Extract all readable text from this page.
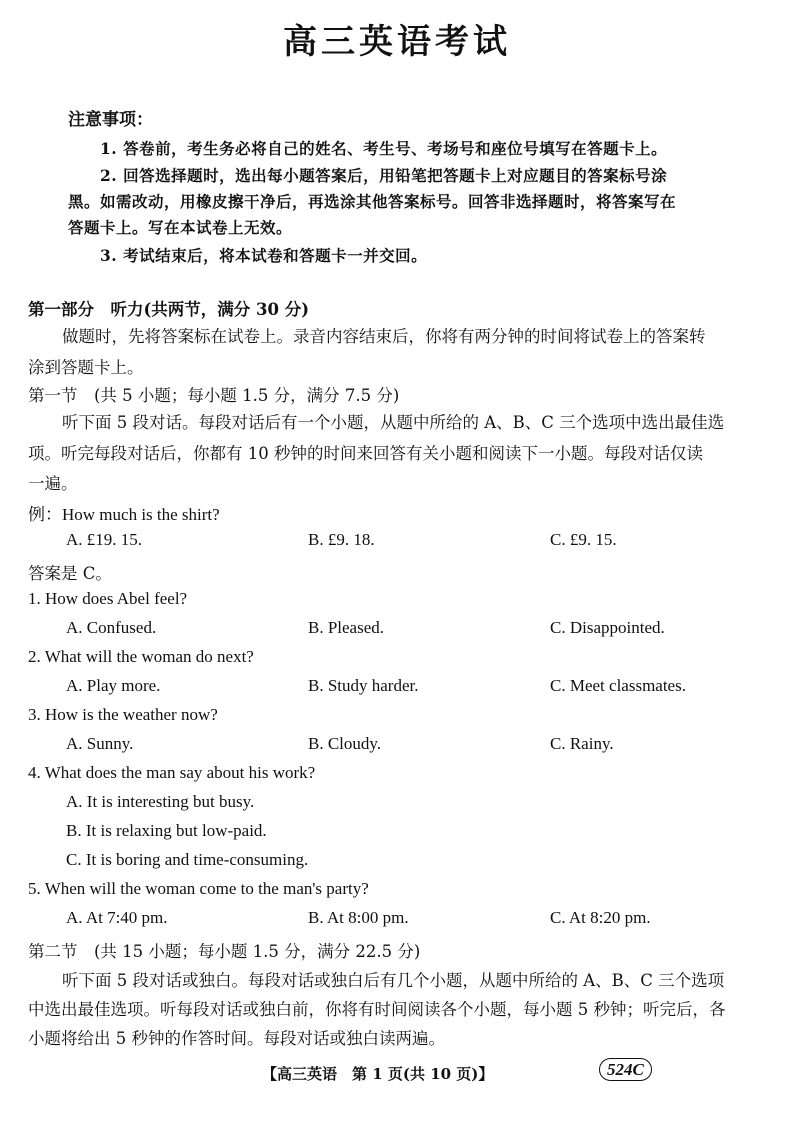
高三英语考试
注意事项：
1. 答卷前，考生务必将自己的姓名、考生号、考场号和座位号填写在答题卡上。
2. 回答选择题时，选出每小题答案后，用铅笔把答题卡上对应题目的答案标号涂
黑。如需改动，用橡皮擦干净后，再选涂其他答案标号。回答非选择题时，将答案写在
答题卡上。写在本试卷上无效。
3. 考试结束后，将本试卷和答题卡一并交回。
第一部分　听力(共两节，满分 30 分)
做题时，先将答案标在试卷上。录音内容结束后，你将有两分钟的时间将试卷上的答案转
涂到答题卡上。
第一节　(共 5 小题；每小题 1.5 分，满分 7.5 分)
听下面 5 段对话。每段对话后有一个小题，从题中所给的 A、B、C 三个选项中选出最佳选
项。听完每段对话后，你都有 10 秒钟的时间来回答有关小题和阅读下一小题。每段对话仅读
一遍。
例：How much is the shirt?
A. £19. 15.	B. £9. 18.	C. £9. 15.
答案是 C。
1. How does Abel feel?
A. Confused.	B. Pleased.	C. Disappointed.
2. What will the woman do next?
A. Play more.	B. Study harder.	C. Meet classmates.
3. How is the weather now?
A. Sunny.	B. Cloudy.	C. Rainy.
4. What does the man say about his work?
A. It is interesting but busy.
B. It is relaxing but low-paid.
C. It is boring and time-consuming.
5. When will the woman come to the man's party?
A. At 7:40 pm.	B. At 8:00 pm.	C. At 8:20 pm.
第二节　(共 15 小题；每小题 1.5 分，满分 22.5 分)
听下面 5 段对话或独白。每段对话或独白后有几个小题，从题中所给的 A、B、C 三个选项
中选出最佳选项。听每段对话或独白前，你将有时间阅读各个小题，每小题 5 秒钟；听完后，各
小题将给出 5 秒钟的作答时间。每段对话或独白读两遍。
【高三英语　第 1 页(共 10 页)】	524C
